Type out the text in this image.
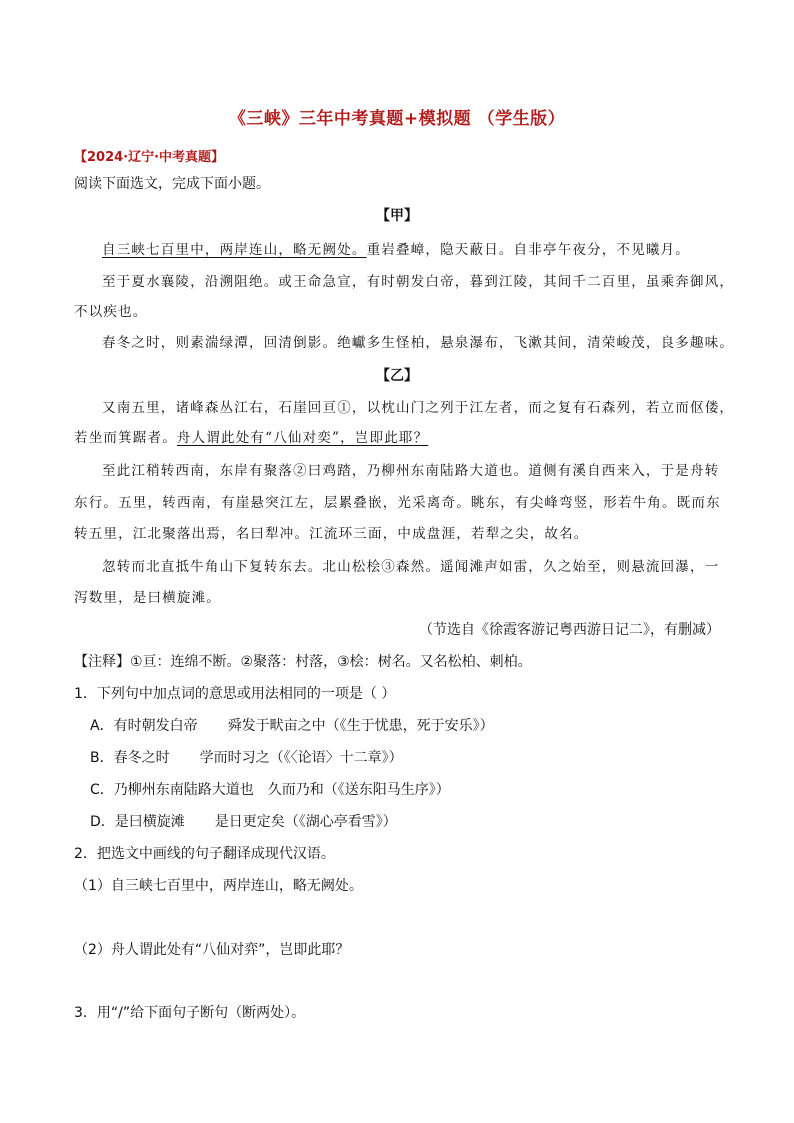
《三峡》三年中考真题+模拟题 （学生版）
【2024·辽宁·中考真题】
阅读下面选文，完成下面小题。
【甲】
自三峡七百里中，两岸连山，略无阙处。重岩叠嶂，隐天蔽日。自非亭午夜分，不见曦月。
至于夏水襄陵，沿溯阻绝。或王命急宣，有时朝发白帝，暮到江陵，其间千二百里，虽乘奔御风，
不以疾也。
春冬之时，则素湍绿潭，回清倒影。绝巘多生怪柏，悬泉瀑布，飞漱其间，清荣峻茂，良多趣味。
【乙】
又南五里，诸峰森丛江右，石崖回亘①，以枕山门之列于江左者，而之复有石森列，若立而伛偻，
若坐而箕踞者。舟人谓此处有“八仙对奕”，岂即此耶？
至此江稍转西南，东岸有聚落②曰鸡踏，乃柳州东南陆路大道也。道侧有溪自西来入，于是舟转
东行。五里，转西南，有崖悬突江左，层累叠嵌，光采离奇。眺东，有尖峰弯竖，形若牛角。既而东
转五里，江北聚落出焉，名曰犁冲。江流环三面，中成盘涯，若犁之尖，故名。
忽转而北直抵牛角山下复转东去。北山松桧③森然。遥闻滩声如雷，久之始至，则悬流回瀑，一
泻数里，是曰横旋滩。
（节选自《徐霞客游记粤西游日记二》，有删减）
【注释】①亘：连绵不断。②聚落：村落，③桧：树名。又名松柏、刺柏。
1．下列句中加点词的意思或用法相同的一项是（ ）
A．有时朝发白帝 舜发于畎亩之中（《生于忧患，死于安乐》）
B．春冬之时 学而时习之（《〈论语〉十二章》）
C．乃柳州东南陆路大道也 久而乃和（《送东阳马生序》）
D．是曰横旋滩 是日更定矣（《湖心亭看雪》）
2．把选文中画线的句子翻译成现代汉语。
（1）自三峡七百里中，两岸连山，略无阙处。
（2）舟人谓此处有“八仙对弈”，岂即此耶？
3．用“/”给下面句子断句（断两处）。
